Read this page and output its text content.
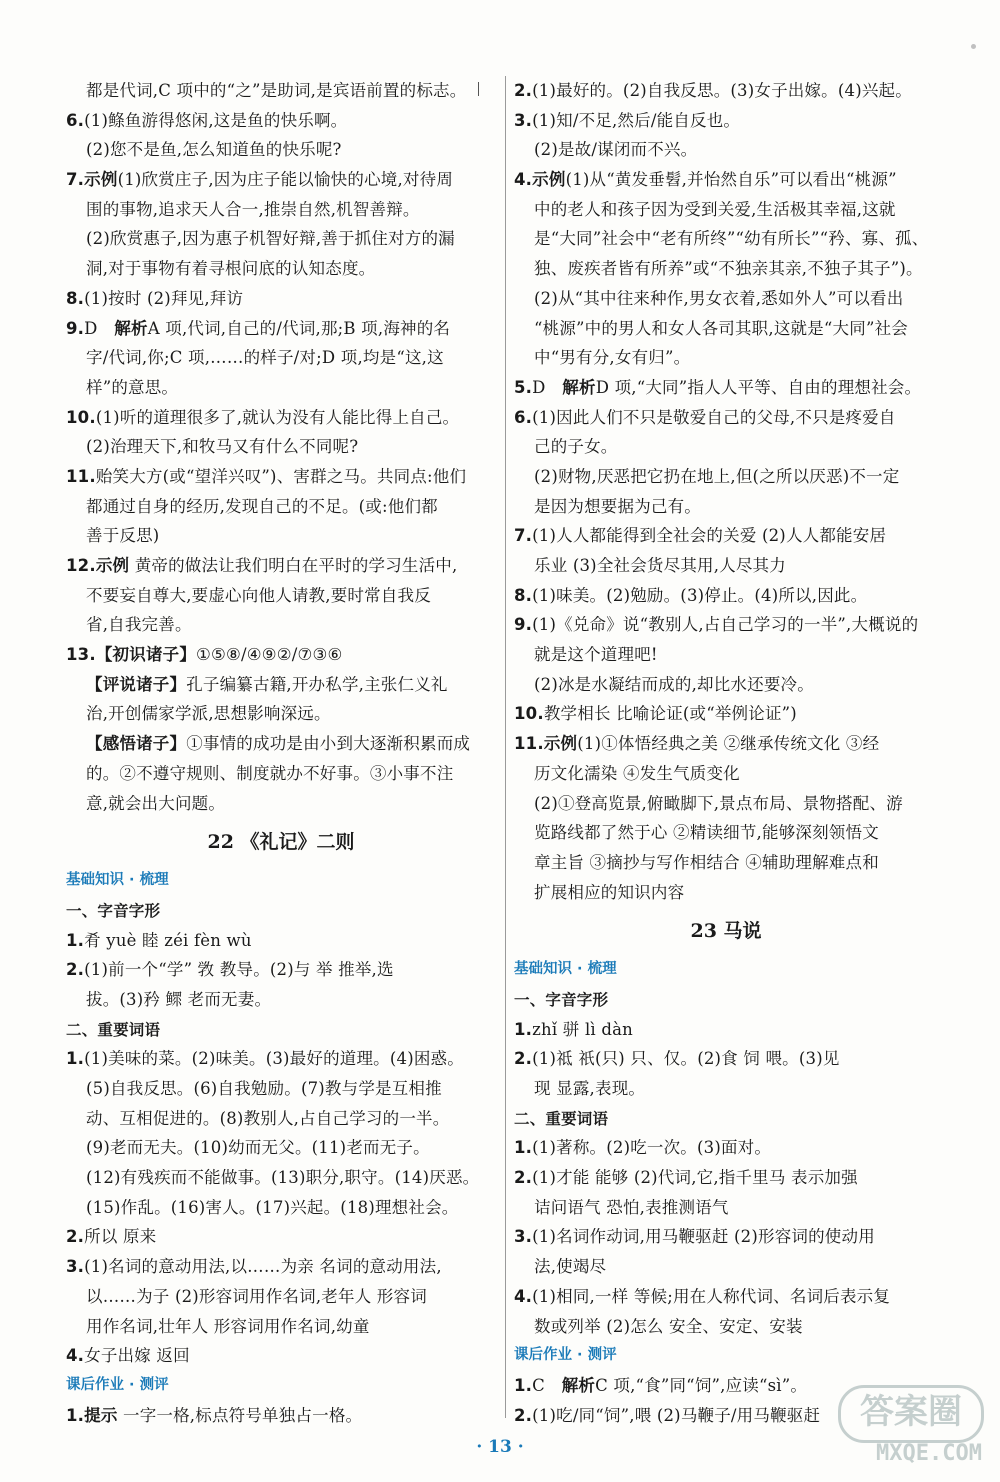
都是代词,C 项中的“之”是助词,是宾语前置的标志。
6.(1)鲦鱼游得悠闲,这是鱼的快乐啊。
(2)您不是鱼,怎么知道鱼的快乐呢?
7.示例(1)欣赏庄子,因为庄子能以愉快的心境,对待周
围的事物,追求天人合一,推崇自然,机智善辩。
(2)欣赏惠子,因为惠子机智好辩,善于抓住对方的漏
洞,对于事物有着寻根问底的认知态度。
8.(1)按时 (2)拜见,拜访
9.D  解析A 项,代词,自己的/代词,那;B 项,海神的名
字/代词,你;C 项,……的样子/对;D 项,均是“这,这
样”的意思。
10.(1)听的道理很多了,就认为没有人能比得上自己。
(2)治理天下,和牧马又有什么不同呢?
11.贻笑大方(或“望洋兴叹”)、害群之马。共同点:他们
都通过自身的经历,发现自己的不足。(或:他们都
善于反思)
12.示例 黄帝的做法让我们明白在平时的学习生活中,
不要妄自尊大,要虚心向他人请教,要时常自我反
省,自我完善。
13.【初识诸子】①⑤⑧/④⑨②/⑦③⑥
【评说诸子】孔子编纂古籍,开办私学,主张仁义礼
治,开创儒家学派,思想影响深远。
【感悟诸子】①事情的成功是由小到大逐渐积累而成
的。②不遵守规则、制度就办不好事。③小事不注
意,就会出大问题。
22 《礼记》二则
基础知识 · 梳理
一、字音字形
1.肴 yuè 睦 zéi fèn wù
2.(1)前一个“学” 敩 教导。(2)与 举 推举,选
拔。(3)矜 鳏 老而无妻。
二、重要词语
1.(1)美味的菜。(2)味美。(3)最好的道理。(4)困惑。
(5)自我反思。(6)自我勉励。(7)教与学是互相推
动、互相促进的。(8)教别人,占自己学习的一半。
(9)老而无夫。(10)幼而无父。(11)老而无子。
(12)有残疾而不能做事。(13)职分,职守。(14)厌恶。
(15)作乱。(16)害人。(17)兴起。(18)理想社会。
2.所以 原来
3.(1)名词的意动用法,以……为亲 名词的意动用法,
以……为子 (2)形容词用作名词,老年人 形容词
用作名词,壮年人 形容词用作名词,幼童
4.女子出嫁 返回
课后作业 · 测评
1.提示 一字一格,标点符号单独占一格。
2.(1)最好的。(2)自我反思。(3)女子出嫁。(4)兴起。
3.(1)知/不足,然后/能自反也。
(2)是故/谋闭而不兴。
4.示例(1)从“黄发垂髫,并怡然自乐”可以看出“桃源”
中的老人和孩子因为受到关爱,生活极其幸福,这就
是“大同”社会中“老有所终”“幼有所长”“矜、寡、孤、
独、废疾者皆有所养”或“不独亲其亲,不独子其子”)。
(2)从“其中往来种作,男女衣着,悉如外人”可以看出
“桃源”中的男人和女人各司其职,这就是“大同”社会
中“男有分,女有归”。
5.D  解析D 项,“大同”指人人平等、自由的理想社会。
6.(1)因此人们不只是敬爱自己的父母,不只是疼爱自
己的子女。
(2)财物,厌恶把它扔在地上,但(之所以厌恶)不一定
是因为想要据为己有。
7.(1)人人都能得到全社会的关爱 (2)人人都能安居
乐业 (3)全社会货尽其用,人尽其力
8.(1)味美。(2)勉励。(3)停止。(4)所以,因此。
9.(1)《兑命》说“教别人,占自己学习的一半”,大概说的
就是这个道理吧!
(2)冰是水凝结而成的,却比水还要冷。
10.教学相长 比喻论证(或“举例论证”)
11.示例(1)①体悟经典之美 ②继承传统文化 ③经
历文化濡染 ④发生气质变化
(2)①登高览景,俯瞰脚下,景点布局、景物搭配、游
览路线都了然于心 ②精读细节,能够深刻领悟文
章主旨 ③摘抄与写作相结合 ④辅助理解难点和
扩展相应的知识内容
23 马说
基础知识 · 梳理
一、字音字形
1.zhǐ 骈 lì dàn
2.(1)祗 祇(只) 只、仅。(2)食 饲 喂。(3)见
现 显露,表现。
二、重要词语
1.(1)著称。(2)吃一次。(3)面对。
2.(1)才能 能够 (2)代词,它,指千里马 表示加强
诘问语气 恐怕,表推测语气
3.(1)名词作动词,用马鞭驱赶 (2)形容词的使动用
法,使竭尽
4.(1)相同,一样 等候;用在人称代词、名词后表示复
数或列举 (2)怎么 安全、安定、安装
课后作业 · 测评
1.C  解析C 项,“食”同“饲”,应读“sì”。
2.(1)吃/同“饲”,喂 (2)马鞭子/用马鞭驱赶
· 13 ·
答案圈
MXQE.COM
